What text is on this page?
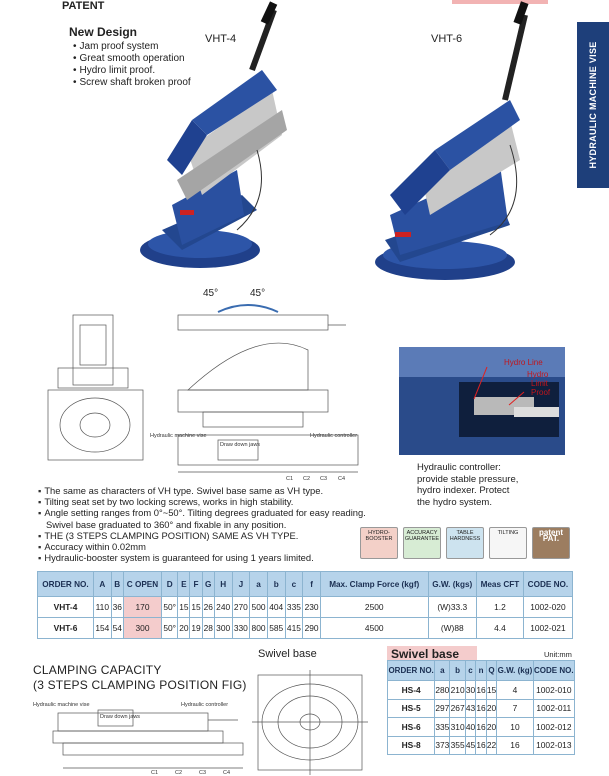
PATENT
HYDRAULIC MACHINE VISE
New Design
• Jam proof system
• Great smooth operation
• Hydro limit proof.
• Screw shaft broken proof
VHT-4	VHT-6
45°	45°
Hydraulic machine vise
Draw down jaws
Hydraulic controller
C1 C2 C3 C4
Hydro Line
Hydro Limit Proof
Hydraulic controller:
provide stable pressure,
hydro indexer. Protect
the hydro system.
▪ The same as characters of VH type. Swivel base same as VH type.
▪ Tilting seat set by two locking screws, works in high stability.
▪ Angle setting ranges from 0°~50°. Tilting degrees graduated for easy reading.
Swivel base graduated to 360° and fixable in any position.
▪ THE (3 STEPS CLAMPING POSITION) SAME AS VH TYPE.
▪ Accuracy within 0.02mm
▪ Hydraulic-booster system is guaranteed for using 1 years limited.
HYDRO-BOOSTER
ACCURACY GUARANTEE
TABLE HARDNESS
TILTING	patent PAT.
ORDER NO.	A	B	C OPEN	D	E	F	G	H	J	a	b	c	f	Max. Clamp Force (kgf)	G.W. (kgs)	Meas CFT	CODE NO.
VHT-4	110	36	170	50°	15	15	26	240	270	500	404	335	230	2500	(W)33.3	1.2	1002-020
VHT-6	154	54	300	50°	20	19	28	300	330	800	585	415	290	4500	(W)88	4.4	1002-021
Swivel base
CLAMPING CAPACITY
(3 STEPS CLAMPING POSITION FIG)
Hydraulic machine vise
Draw down jaws
Hydraulic controller
C1	C2	C3	C4
Swivel base	Unit:mm
ORDER NO.	a	b	c	n	Q	G.W. (kg)	CODE NO.
HS-4	280	210	30	16	15	4	1002-010
HS-5	297	267	43	16	20	7	1002-011
HS-6	335	310	40	16	20	10	1002-012
HS-8	373	355	45	16	22	16	1002-013
